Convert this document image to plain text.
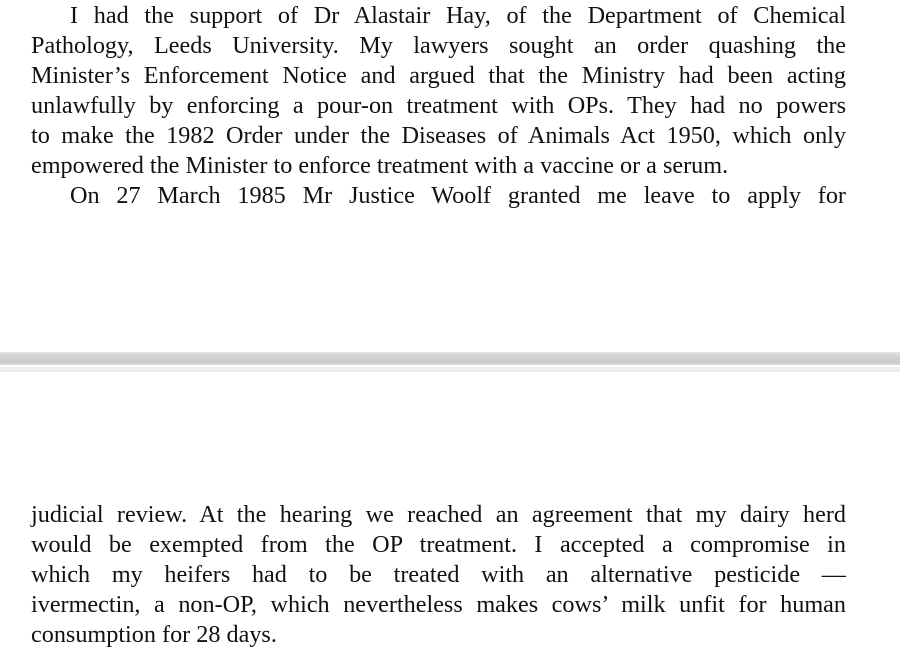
I had the support of Dr Alastair Hay, of the Department of Chemical
Pathology, Leeds University. My lawyers sought an order quashing the
Minister’s Enforcement Notice and argued that the Ministry had been acting
unlawfully by enforcing a pour-on treatment with OPs. They had no powers
to make the 1982 Order under the Diseases of Animals Act 1950, which only
empowered the Minister to enforce treatment with a vaccine or a serum.
On 27 March 1985 Mr Justice Woolf granted me leave to apply for
judicial review. At the hearing we reached an agreement that my dairy herd
would be exempted from the OP treatment. I accepted a compromise in
which my heifers had to be treated with an alternative pesticide —
ivermectin, a non-OP, which nevertheless makes cows’ milk unfit for human
consumption for 28 days.
